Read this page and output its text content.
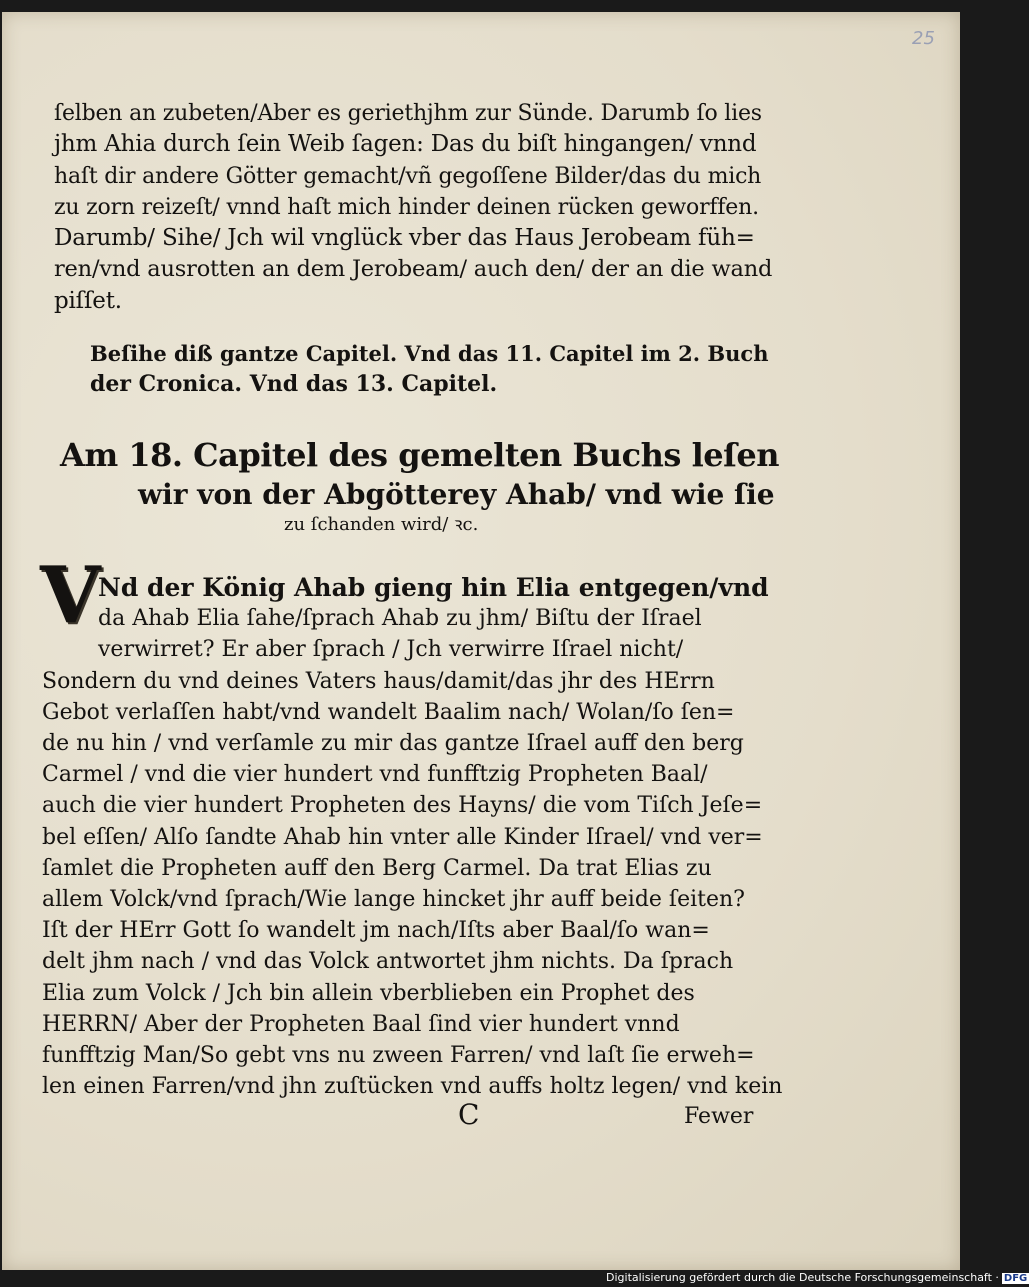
25
ſelben an zubeten/Aber es geriethjhm zur Sünde. Darumb ſo lies
jhm Ahia durch ſein Weib ſagen: Das du biſt hingangen/ vnnd
haſt dir andere Götter gemacht/vñ gegoſſene Bilder/das du mich
zu zorn reizeſt/ vnnd haſt mich hinder deinen rücken geworffen.
Darumb/ Sihe/ Jch wil vnglück vber das Haus Jerobeam füh=
ren/vnd ausrotten an dem Jerobeam/ auch den/ der an die wand
piſſet.
Beſihe diß gantze Capitel. Vnd das 11. Capitel im 2. Buch
der Cronica. Vnd das 13. Capitel.
Am 18. Capitel des gemelten Buchs leſen
wir von der Abgötterey Ahab/ vnd wie ſie
zu ſchanden wird/ ꝛc.
V
Nd der König Ahab gieng hin Elia entgegen/vnd
da Ahab Elia ſahe/ſprach Ahab zu jhm/ Biſtu der Iſrael
verwirret? Er aber ſprach / Jch verwirre Iſrael nicht/
Sondern du vnd deines Vaters haus/damit/das jhr des HErrn
Gebot verlaſſen habt/vnd wandelt Baalim nach/ Wolan/ſo ſen=
de nu hin / vnd verſamle zu mir das gantze Iſrael auff den berg
Carmel / vnd die vier hundert vnd funfftzig Propheten Baal/
auch die vier hundert Propheten des Hayns/ die vom Tiſch Jeſe=
bel eſſen/ Alſo ſandte Ahab hin vnter alle Kinder Iſrael/ vnd ver=
ſamlet die Propheten auff den Berg Carmel. Da trat Elias zu
allem Volck/vnd ſprach/Wie lange hincket jhr auff beide ſeiten?
Iſt der HErr Gott ſo wandelt jm nach/Iſts aber Baal/ſo wan=
delt jhm nach / vnd das Volck antwortet jhm nichts. Da ſprach
Elia zum Volck / Jch bin allein vberblieben ein Prophet des
HERRN/ Aber der Propheten Baal ſind vier hundert vnnd
funfftzig Man/So gebt vns nu zween Farren/ vnd laſt ſie erweh=
len einen Farren/vnd jhn zuſtücken vnd auffs holtz legen/ vnd kein
C	Fewer
Digitalisierung gefördert durch die Deutsche Forschungsgemeinschaft · DFG
